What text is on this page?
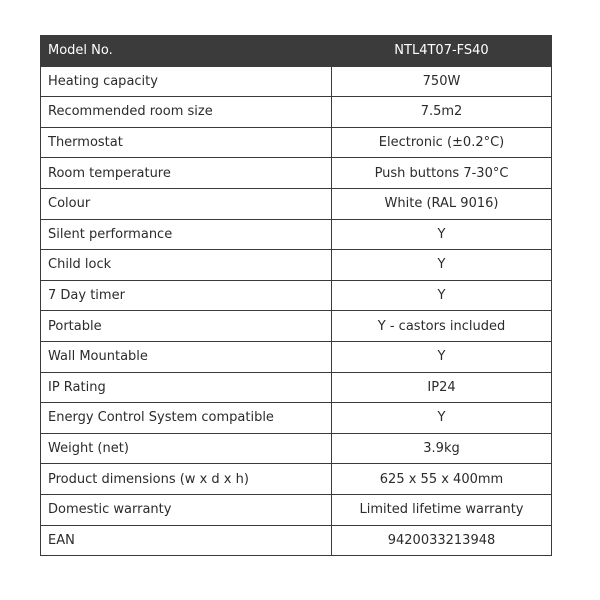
Model No.	NTL4T07-FS40
Heating capacity	750W
Recommended room size	7.5m2
Thermostat	Electronic (±0.2°C)
Room temperature	Push buttons 7-30°C
Colour	White (RAL 9016)
Silent performance	Y
Child lock	Y
7 Day timer	Y
Portable	Y - castors included
Wall Mountable	Y
IP Rating	IP24
Energy Control System compatible	Y
Weight (net)	3.9kg
Product dimensions (w x d x h)	625 x 55 x 400mm
Domestic warranty	Limited lifetime warranty
EAN	9420033213948
